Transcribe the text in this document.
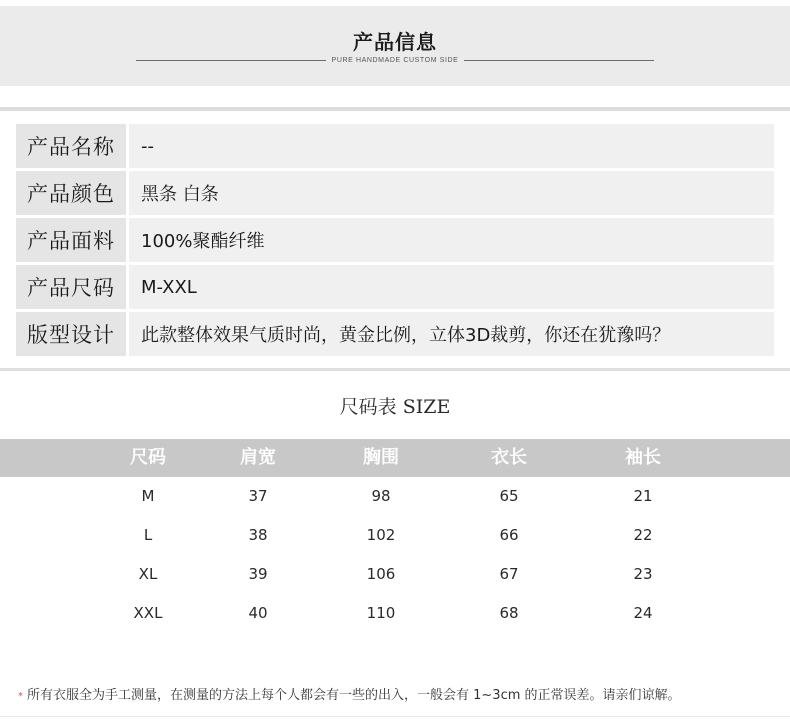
产品信息
PURE HANDMADE CUSTOM SIDE
产品名称	--
产品颜色	黑条 白条
产品面料	100%聚酯纤维
产品尺码	M-XXL
版型设计	此款整体效果气质时尚，黄金比例，立体3D裁剪，你还在犹豫吗？
尺码表 SIZE
尺码	肩宽	胸围	衣长	袖长
M	37	98	65	21
L	38	102	66	22
XL	39	106	67	23
XXL	40	110	68	24
* 所有衣服全为手工测量，在测量的方法上每个人都会有一些的出入，一般会有 1~3cm 的正常误差。请亲们谅解。
